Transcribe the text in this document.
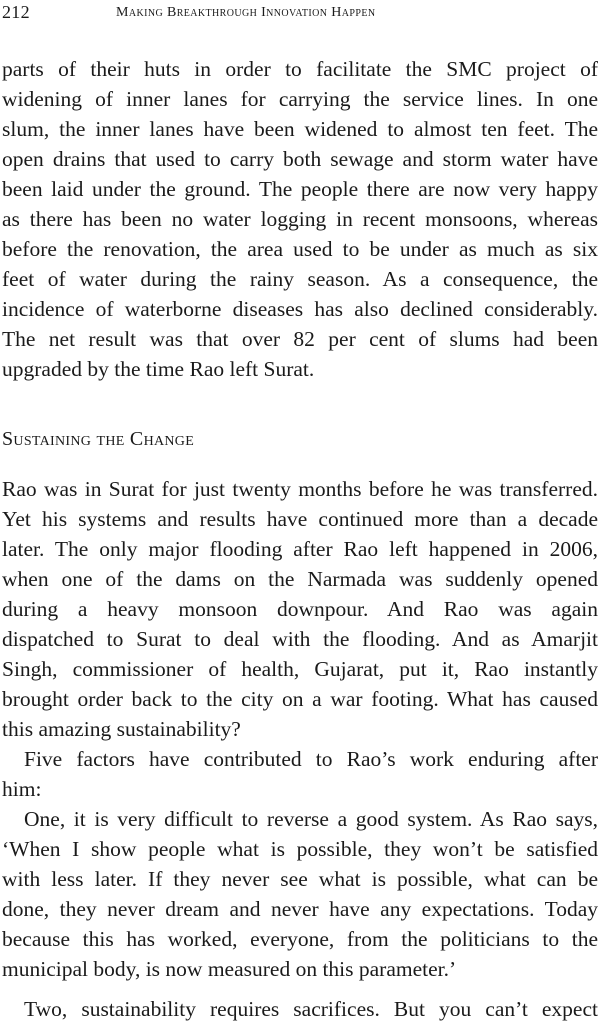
212	Making Breakthrough Innovation Happen
parts of their huts in order to facilitate the SMC project of
widening of inner lanes for carrying the service lines. In one
slum, the inner lanes have been widened to almost ten feet. The
open drains that used to carry both sewage and storm water have
been laid under the ground. The people there are now very happy
as there has been no water logging in recent monsoons, whereas
before the renovation, the area used to be under as much as six
feet of water during the rainy season. As a consequence, the
incidence of waterborne diseases has also declined considerably.
The net result was that over 82 per cent of slums had been
upgraded by the time Rao left Surat.
Sustaining the Change
Rao was in Surat for just twenty months before he was transferred.
Yet his systems and results have continued more than a decade
later. The only major flooding after Rao left happened in 2006,
when one of the dams on the Narmada was suddenly opened
during a heavy monsoon downpour. And Rao was again
dispatched to Surat to deal with the flooding. And as Amarjit
Singh, commissioner of health, Gujarat, put it, Rao instantly
brought order back to the city on a war footing. What has caused
this amazing sustainability?
Five factors have contributed to Rao’s work enduring after
him:
One, it is very difficult to reverse a good system. As Rao says,
‘When I show people what is possible, they won’t be satisfied
with less later. If they never see what is possible, what can be
done, they never dream and never have any expectations. Today
because this has worked, everyone, from the politicians to the
municipal body, is now measured on this parameter.’
Two, sustainability requires sacrifices. But you can’t expect
